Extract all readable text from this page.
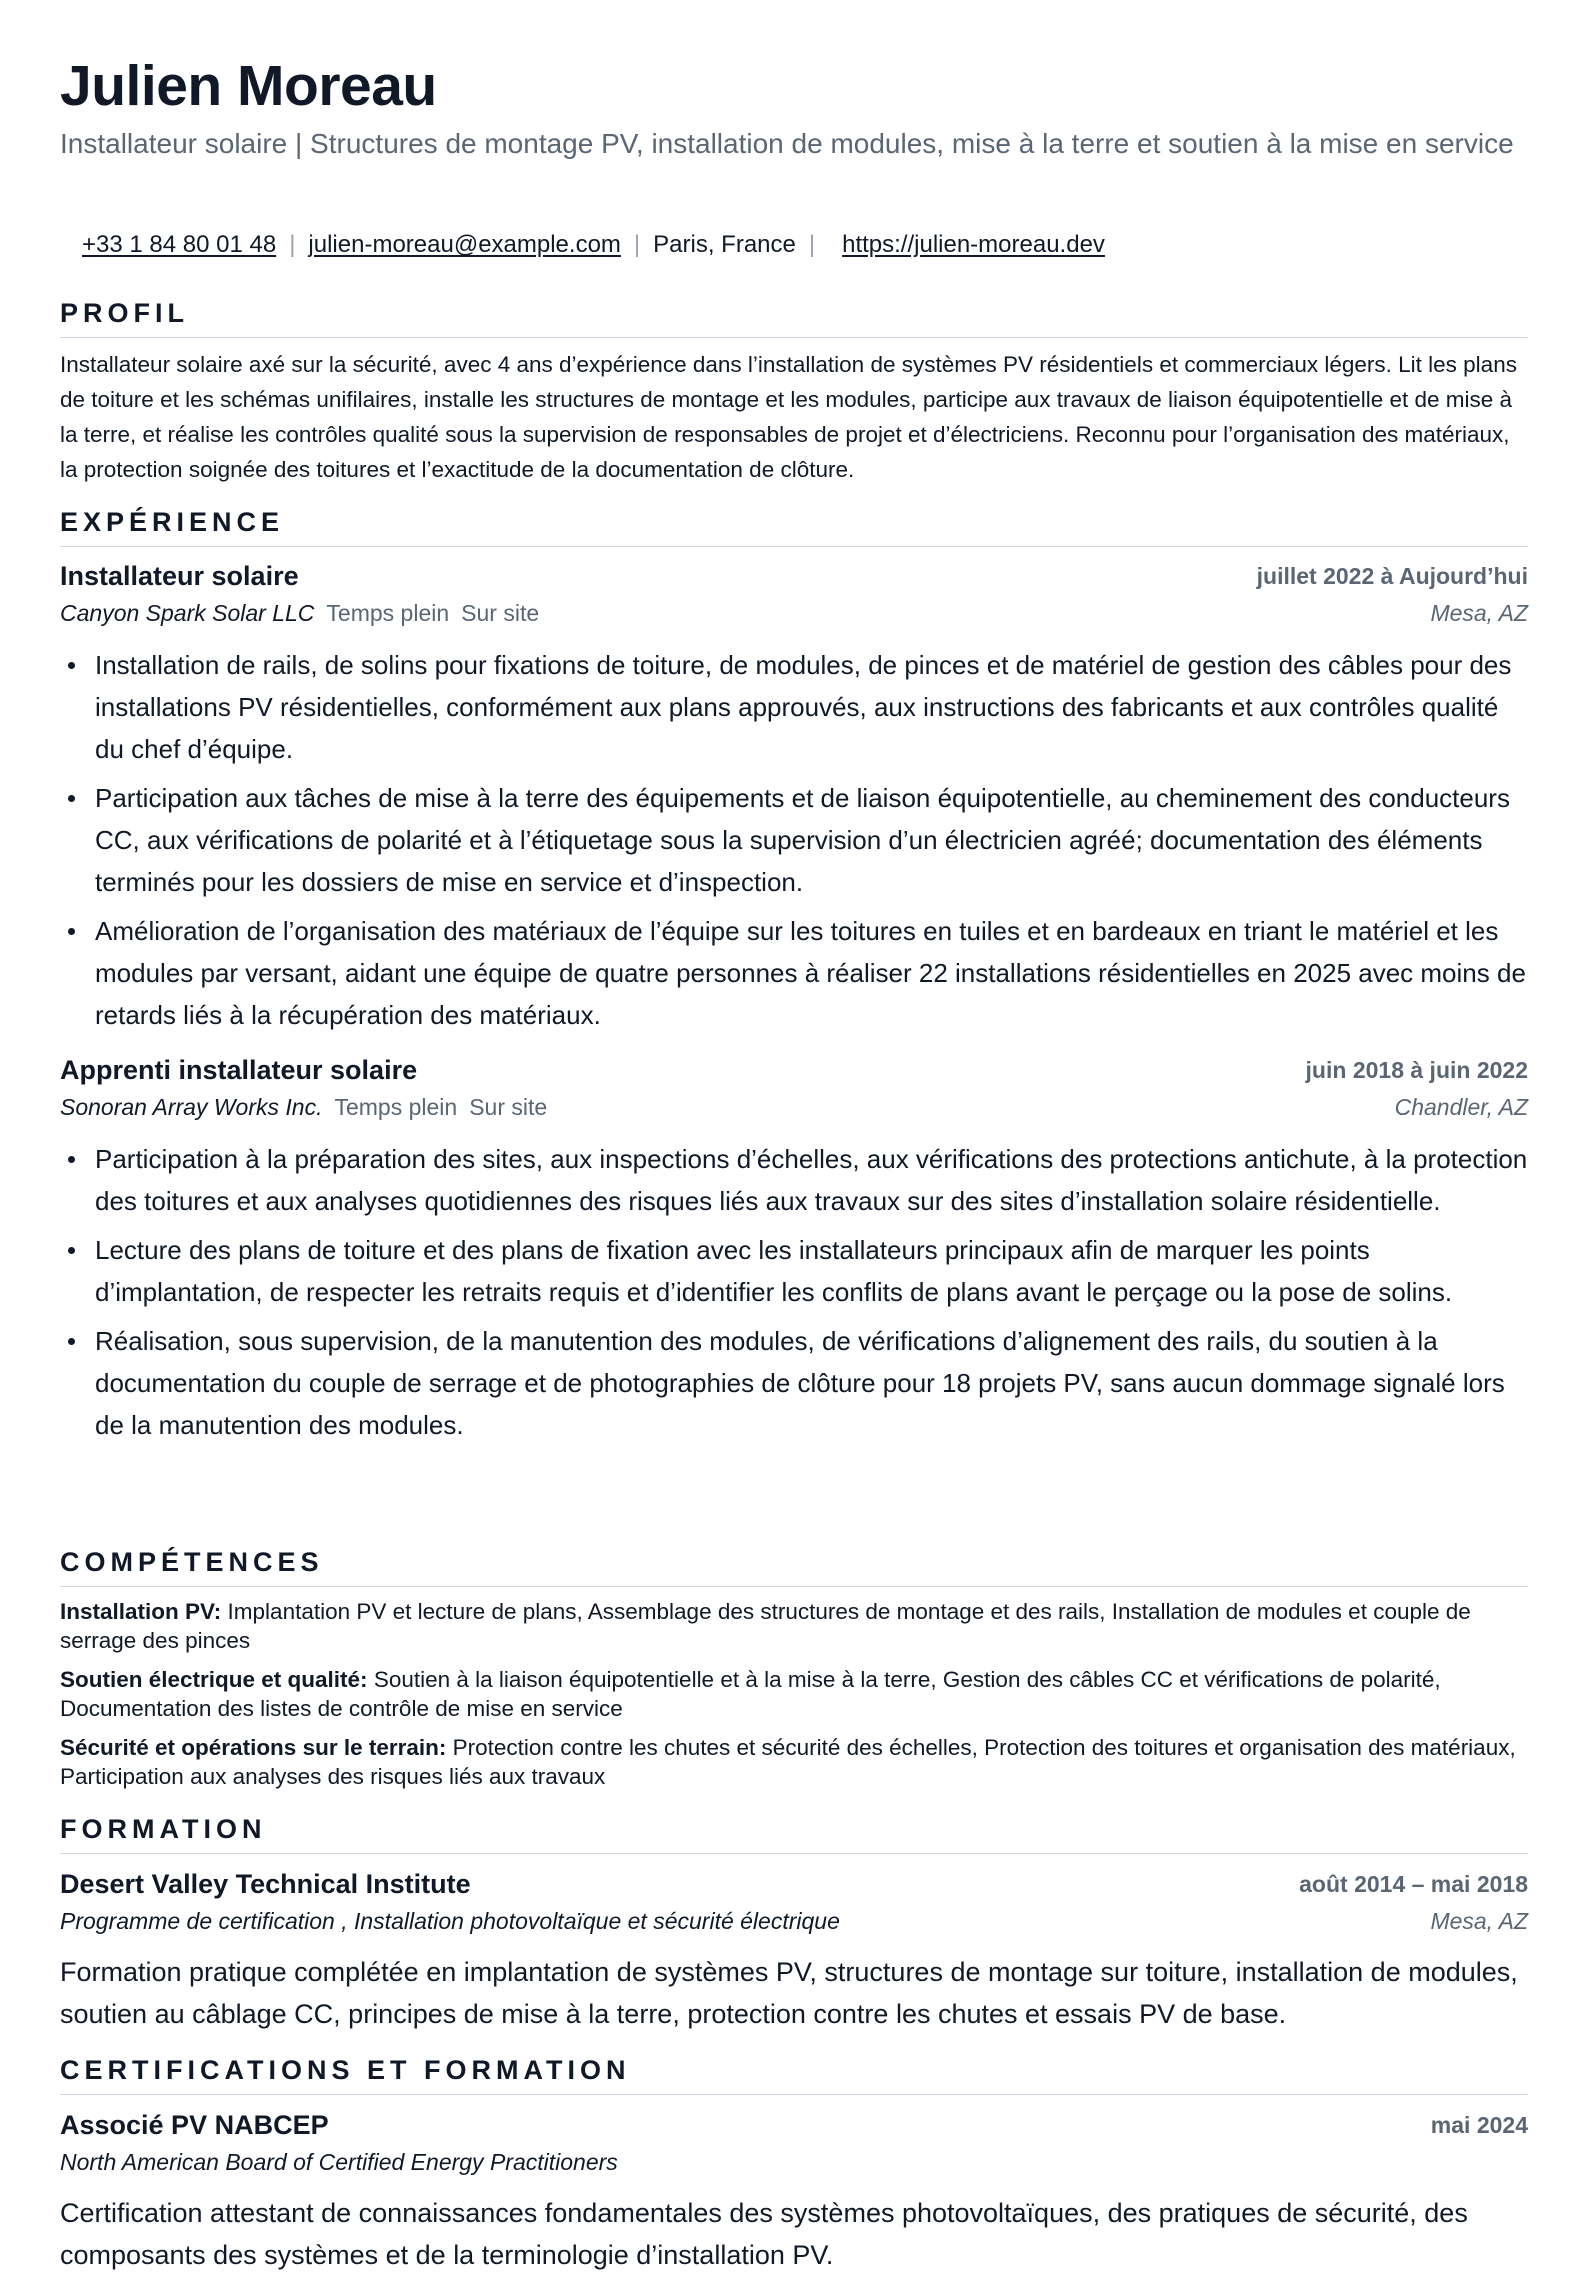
Julien Moreau
Installateur solaire | Structures de montage PV, installation de modules, mise à la terre et soutien à la mise en service
+33 1 84 80 01 48 | julien-moreau@example.com | Paris, France | https://julien-moreau.dev
PROFIL

Installateur solaire axé sur la sécurité, avec 4 ans d’expérience dans l’installation de systèmes PV résidentiels et commerciaux légers. Lit les plans de toiture et les schémas unifilaires, installe les structures de montage et les modules, participe aux travaux de liaison équipotentielle et de mise à la terre, et réalise les contrôles qualité sous la supervision de responsables de projet et d’électriciens. Reconnu pour l’organisation des matériaux, la protection soignée des toitures et l’exactitude de la documentation de clôture.

EXPÉRIENCE
Installateur solaire	juillet 2022 à Aujourd’hui
Canyon Spark Solar LLC Temps plein Sur site	Mesa, AZ
Installation de rails, de solins pour fixations de toiture, de modules, de pinces et de matériel de gestion des câbles pour des installations PV résidentielles, conformément aux plans approuvés, aux instructions des fabricants et aux contrôles qualité du chef d’équipe.
Participation aux tâches de mise à la terre des équipements et de liaison équipotentielle, au cheminement des conducteurs CC, aux vérifications de polarité et à l’étiquetage sous la supervision d’un électricien agréé; documentation des éléments terminés pour les dossiers de mise en service et d’inspection.
Amélioration de l’organisation des matériaux de l’équipe sur les toitures en tuiles et en bardeaux en triant le matériel et les modules par versant, aidant une équipe de quatre personnes à réaliser 22 installations résidentielles en 2025 avec moins de retards liés à la récupération des matériaux.
Apprenti installateur solaire	juin 2018 à juin 2022
Sonoran Array Works Inc. Temps plein Sur site	Chandler, AZ
Participation à la préparation des sites, aux inspections d’échelles, aux vérifications des protections antichute, à la protection des toitures et aux analyses quotidiennes des risques liés aux travaux sur des sites d’installation solaire résidentielle.
Lecture des plans de toiture et des plans de fixation avec les installateurs principaux afin de marquer les points d’implantation, de respecter les retraits requis et d’identifier les conflits de plans avant le perçage ou la pose de solins.
Réalisation, sous supervision, de la manutention des modules, de vérifications d’alignement des rails, du soutien à la documentation du couple de serrage et de photographies de clôture pour 18 projets PV, sans aucun dommage signalé lors de la manutention des modules.
COMPÉTENCES
Installation PV: Implantation PV et lecture de plans, Assemblage des structures de montage et des rails, Installation de modules et couple de serrage des pinces
Soutien électrique et qualité: Soutien à la liaison équipotentielle et à la mise à la terre, Gestion des câbles CC et vérifications de polarité, Documentation des listes de contrôle de mise en service
Sécurité et opérations sur le terrain: Protection contre les chutes et sécurité des échelles, Protection des toitures et organisation des matériaux, Participation aux analyses des risques liés aux travaux
FORMATION
Desert Valley Technical Institute	août 2014 – mai 2018
Programme de certification , Installation photovoltaïque et sécurité électrique	Mesa, AZ

Formation pratique complétée en implantation de systèmes PV, structures de montage sur toiture, installation de modules, soutien au câblage CC, principes de mise à la terre, protection contre les chutes et essais PV de base.

CERTIFICATIONS ET FORMATION
Associé PV NABCEP	mai 2024
North American Board of Certified Energy Practitioners

Certification attestant de connaissances fondamentales des systèmes photovoltaïques, des pratiques de sécurité, des composants des systèmes et de la terminologie d’installation PV.
